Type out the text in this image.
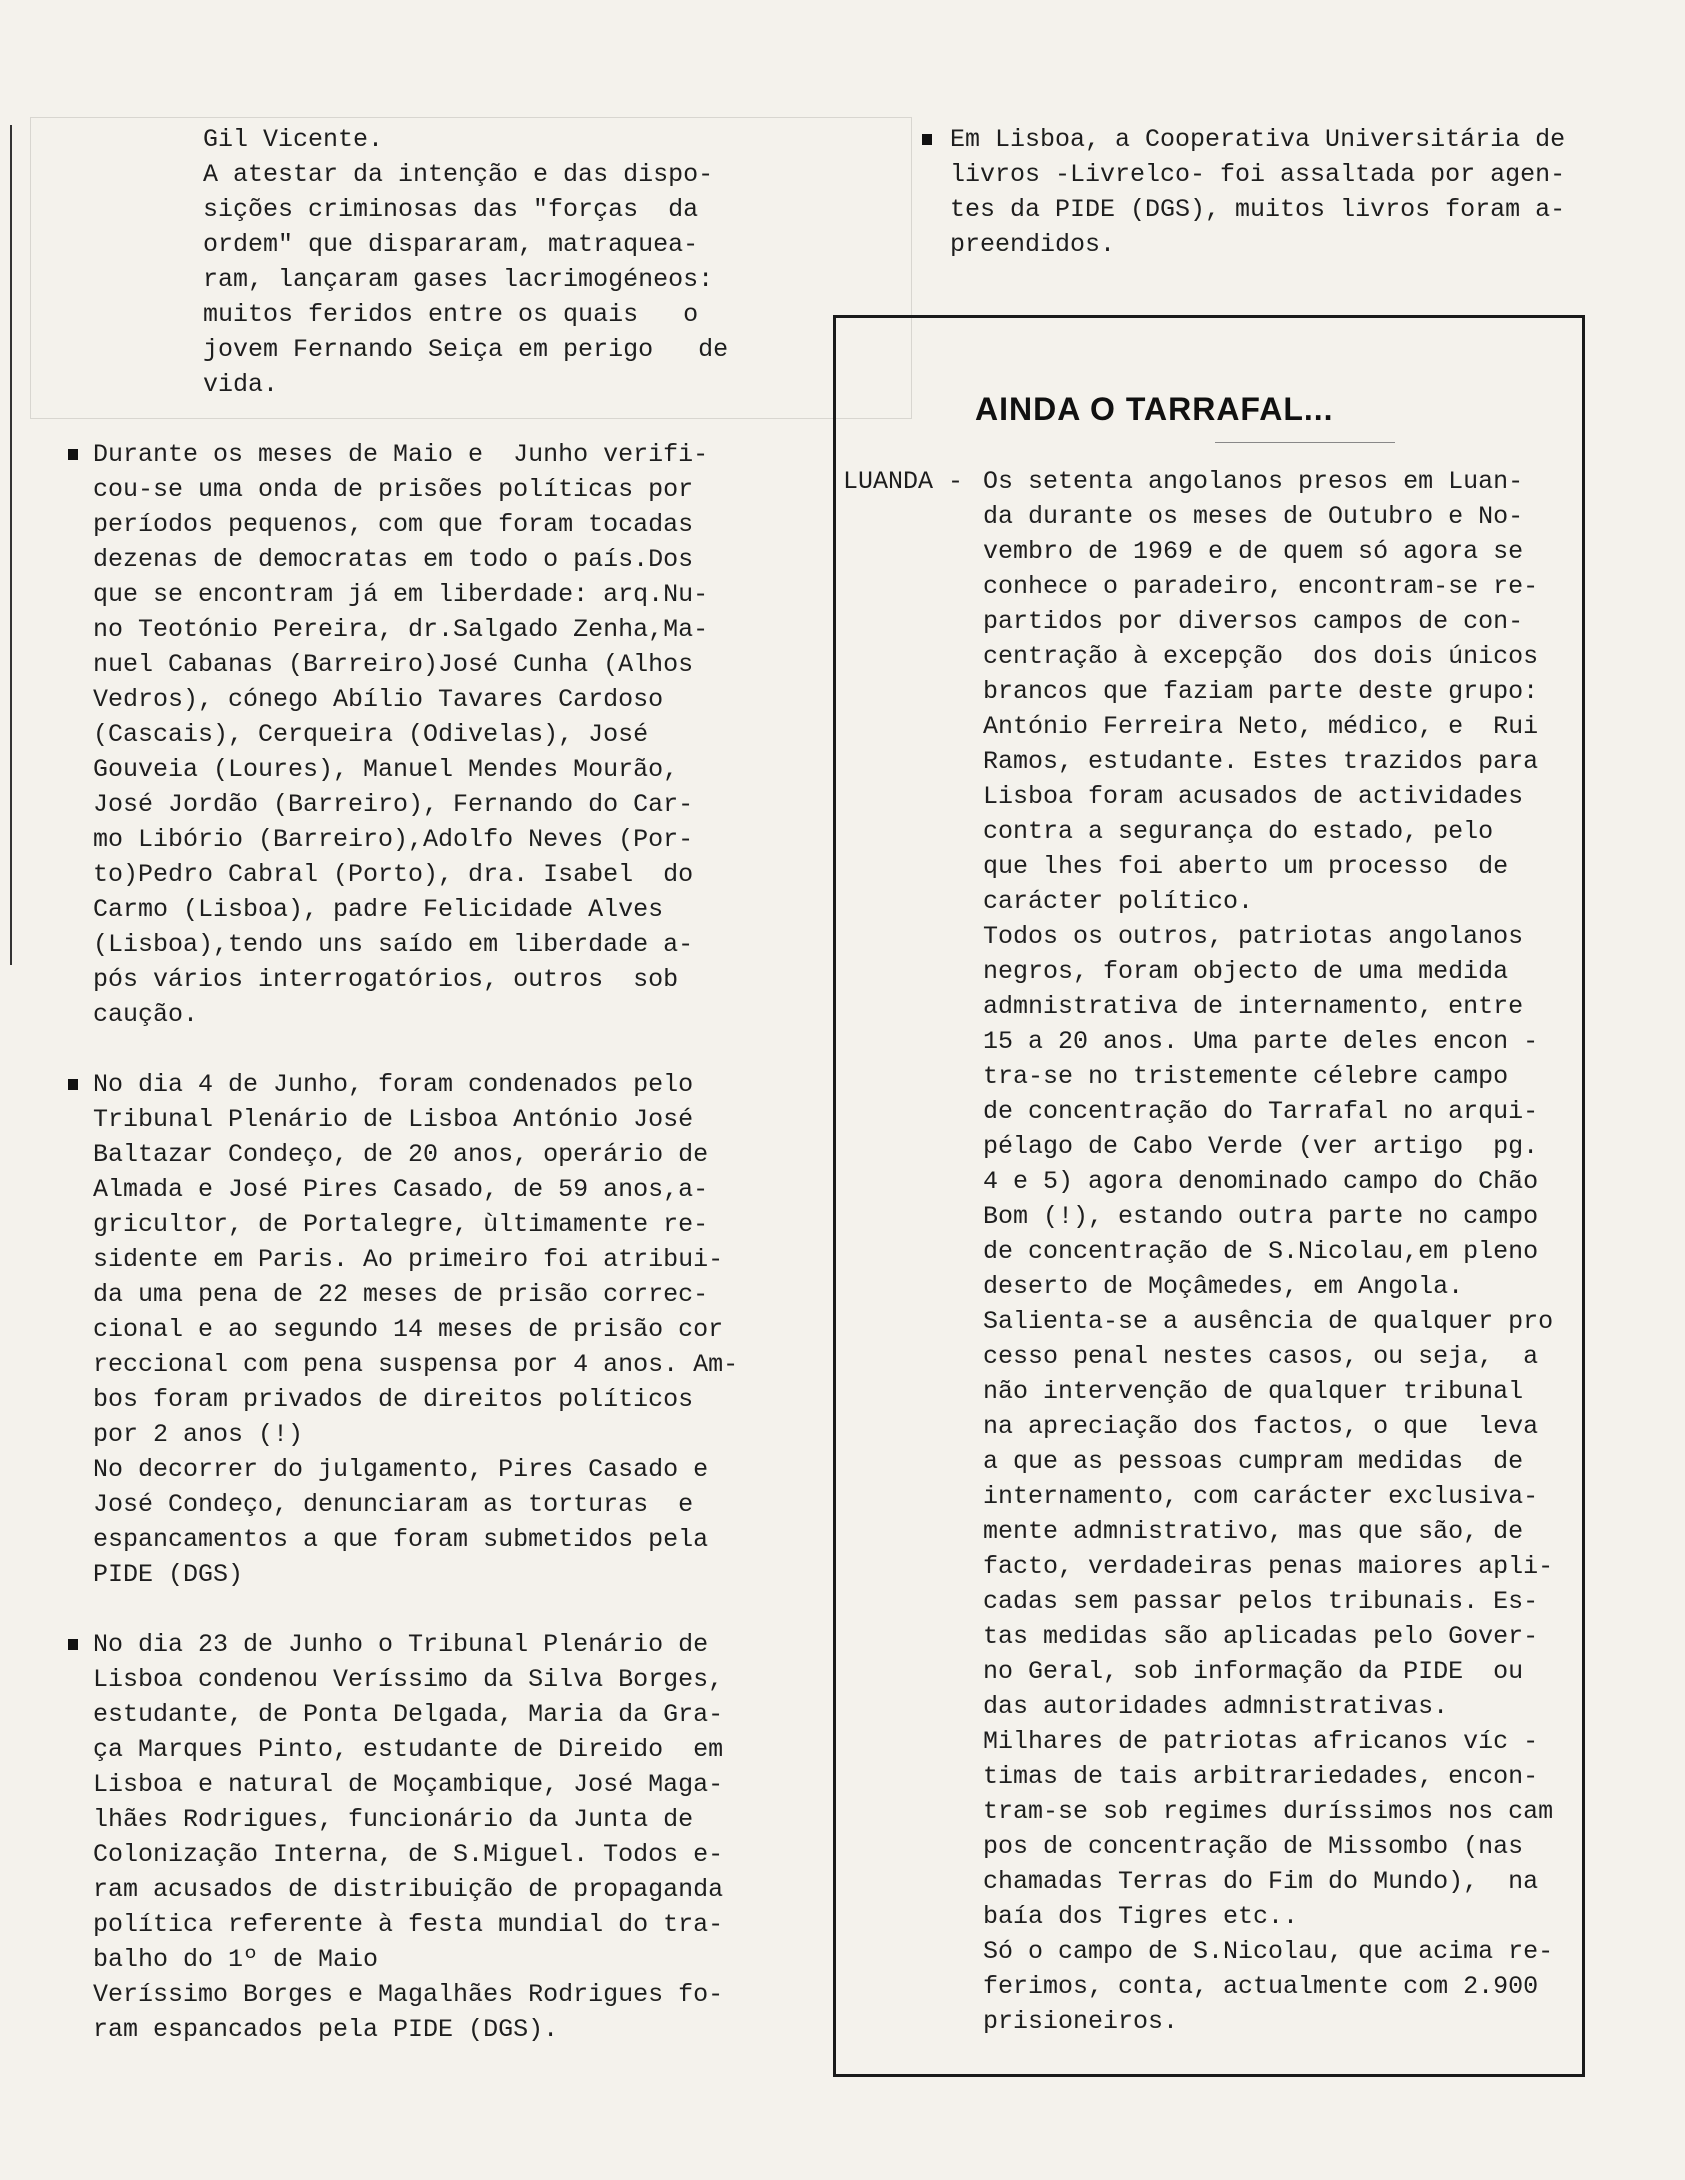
Gil Vicente.
A atestar da intenção e das dispo-
sições criminosas das "forças  da
ordem" que dispararam, matraquea-
ram, lançaram gases lacrimogéneos:
muitos feridos entre os quais   o
jovem Fernando Seiça em perigo   de
vida.
Durante os meses de Maio e  Junho verifi-
cou-se uma onda de prisões políticas por
períodos pequenos, com que foram tocadas
dezenas de democratas em todo o país.Dos
que se encontram já em liberdade: arq.Nu-
no Teotónio Pereira, dr.Salgado Zenha,Ma-
nuel Cabanas (Barreiro)José Cunha (Alhos
Vedros), cónego Abílio Tavares Cardoso
(Cascais), Cerqueira (Odivelas), José
Gouveia (Loures), Manuel Mendes Mourão,
José Jordão (Barreiro), Fernando do Car-
mo Libório (Barreiro),Adolfo Neves (Por-
to)Pedro Cabral (Porto), dra. Isabel  do
Carmo (Lisboa), padre Felicidade Alves
(Lisboa),tendo uns saído em liberdade a-
pós vários interrogatórios, outros  sob
caução.
No dia 4 de Junho, foram condenados pelo
Tribunal Plenário de Lisboa António José
Baltazar Condeço, de 20 anos, operário de
Almada e José Pires Casado, de 59 anos,a-
gricultor, de Portalegre, ùltimamente re-
sidente em Paris. Ao primeiro foi atribui-
da uma pena de 22 meses de prisão correc-
cional e ao segundo 14 meses de prisão cor
reccional com pena suspensa por 4 anos. Am-
bos foram privados de direitos políticos
por 2 anos (!)
No decorrer do julgamento, Pires Casado e
José Condeço, denunciaram as torturas  e
espancamentos a que foram submetidos pela
PIDE (DGS)
No dia 23 de Junho o Tribunal Plenário de
Lisboa condenou Veríssimo da Silva Borges,
estudante, de Ponta Delgada, Maria da Gra-
ça Marques Pinto, estudante de Direido  em
Lisboa e natural de Moçambique, José Maga-
lhães Rodrigues, funcionário da Junta de
Colonização Interna, de S.Miguel. Todos e-
ram acusados de distribuição de propaganda
política referente à festa mundial do tra-
balho do 1º de Maio
Veríssimo Borges e Magalhães Rodrigues fo-
ram espancados pela PIDE (DGS).
Em Lisboa, a Cooperativa Universitária de
livros -Livrelco- foi assaltada por agen-
tes da PIDE (DGS), muitos livros foram a-
preendidos.
AINDA O TARRAFAL...
LUANDA - Os setenta angolanos presos em Luan-
da durante os meses de Outubro e No-
vembro de 1969 e de quem só agora se
conhece o paradeiro, encontram-se re-
partidos por diversos campos de con-
centração à excepção  dos dois únicos
brancos que faziam parte deste grupo:
António Ferreira Neto, médico, e  Rui
Ramos, estudante. Estes trazidos para
Lisboa foram acusados de actividades
contra a segurança do estado, pelo
que lhes foi aberto um processo  de
carácter político.
Todos os outros, patriotas angolanos
negros, foram objecto de uma medida
admnistrativa de internamento, entre
15 a 20 anos. Uma parte deles encon -
tra-se no tristemente célebre campo
de concentração do Tarrafal no arqui-
pélago de Cabo Verde (ver artigo  pg.
4 e 5) agora denominado campo do Chão
Bom (!), estando outra parte no campo
de concentração de S.Nicolau,em pleno
deserto de Moçâmedes, em Angola.
Salienta-se a ausência de qualquer pro
cesso penal nestes casos, ou seja,  a
não intervenção de qualquer tribunal
na apreciação dos factos, o que  leva
a que as pessoas cumpram medidas  de
internamento, com carácter exclusiva-
mente admnistrativo, mas que são, de
facto, verdadeiras penas maiores apli-
cadas sem passar pelos tribunais. Es-
tas medidas são aplicadas pelo Gover-
no Geral, sob informação da PIDE  ou
das autoridades admnistrativas.
Milhares de patriotas africanos víc -
timas de tais arbitrariedades, encon-
tram-se sob regimes duríssimos nos cam
pos de concentração de Missombo (nas
chamadas Terras do Fim do Mundo),  na
baía dos Tigres etc..
Só o campo de S.Nicolau, que acima re-
ferimos, conta, actualmente com 2.900
prisioneiros.
